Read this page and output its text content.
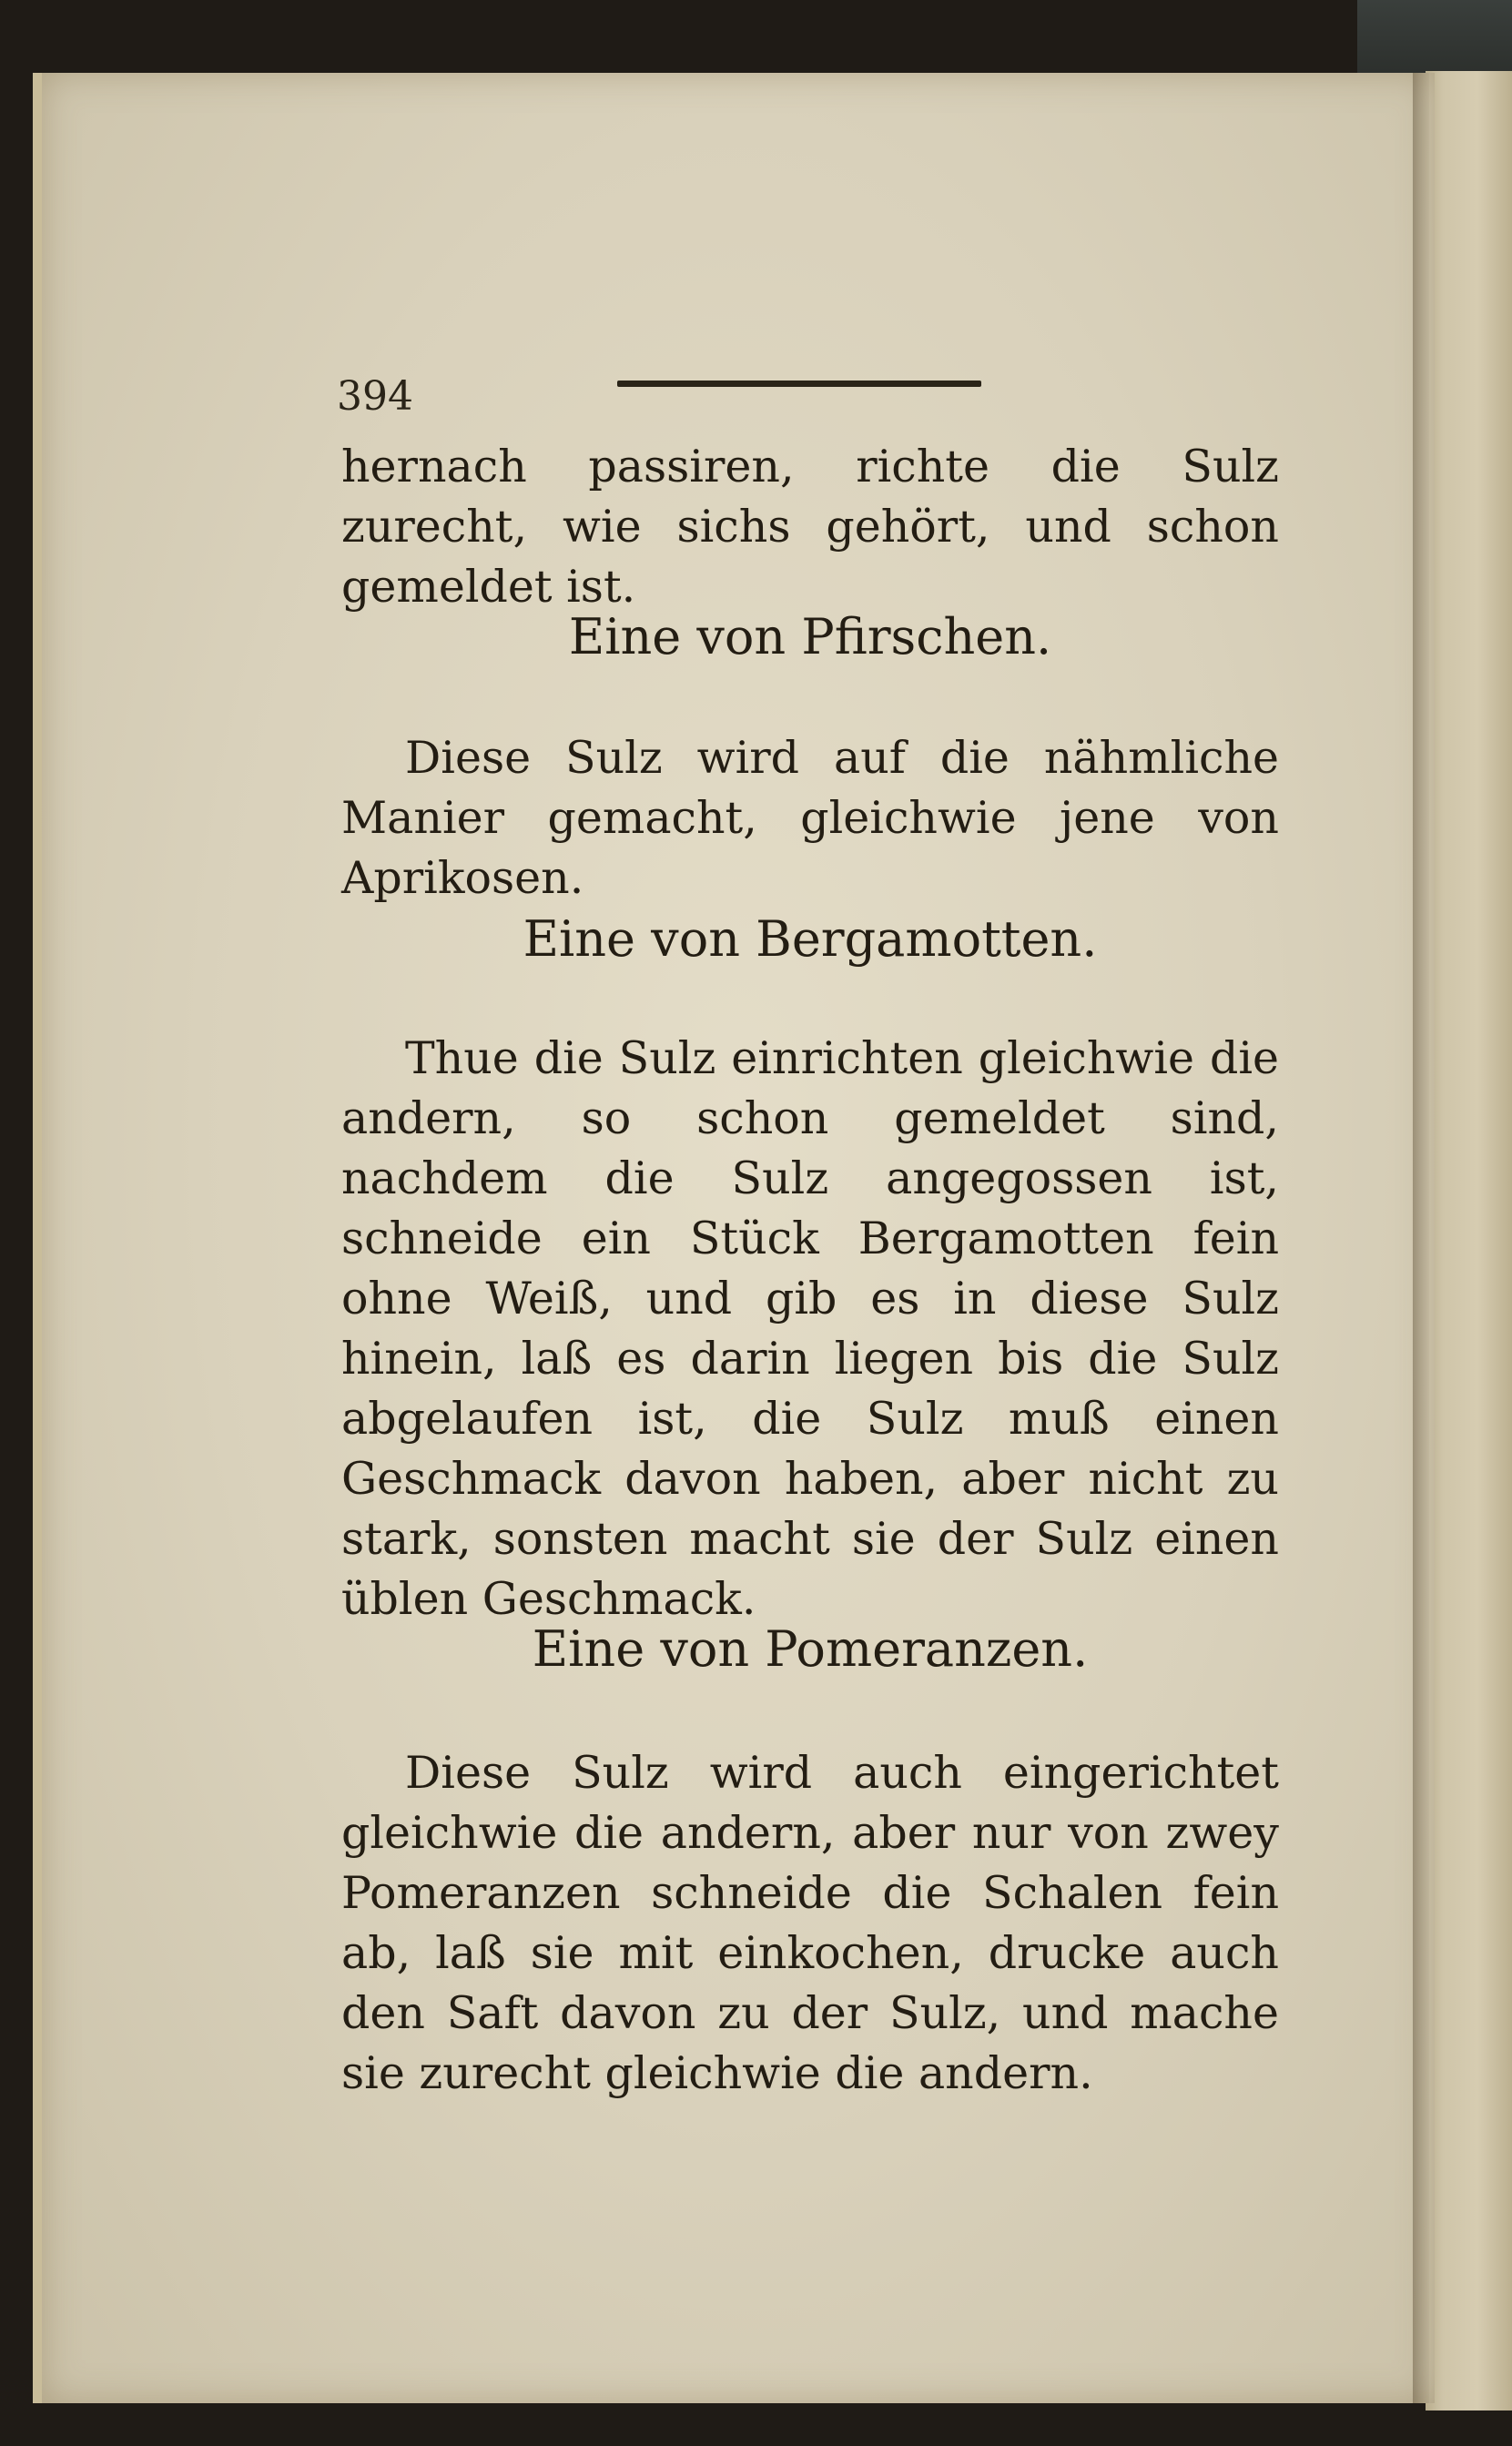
394

hernach passiren, richte die Sulz zurecht, wie sichs gehört, und schon gemeldet ist.

Eine von Pfirschen.

Diese Sulz wird auf die nähmliche Manier gemacht, gleichwie jene von Aprikosen.

Eine von Bergamotten.

Thue die Sulz einrichten gleichwie die andern, so schon gemeldet sind, nachdem die Sulz angegossen ist, schneide ein Stück Bergamotten fein ohne Weiß, und gib es in diese Sulz hinein, laß es darin liegen bis die Sulz abgelaufen ist, die Sulz muß einen Geschmack davon haben, aber nicht zu stark, sonsten macht sie der Sulz einen üblen Geschmack.

Eine von Pomeranzen.

Diese Sulz wird auch eingerichtet gleichwie die andern, aber nur von zwey Pomeranzen schneide die Schalen fein ab, laß sie mit einkochen, drucke auch den Saft davon zu der Sulz, und mache sie zurecht gleichwie die andern.
